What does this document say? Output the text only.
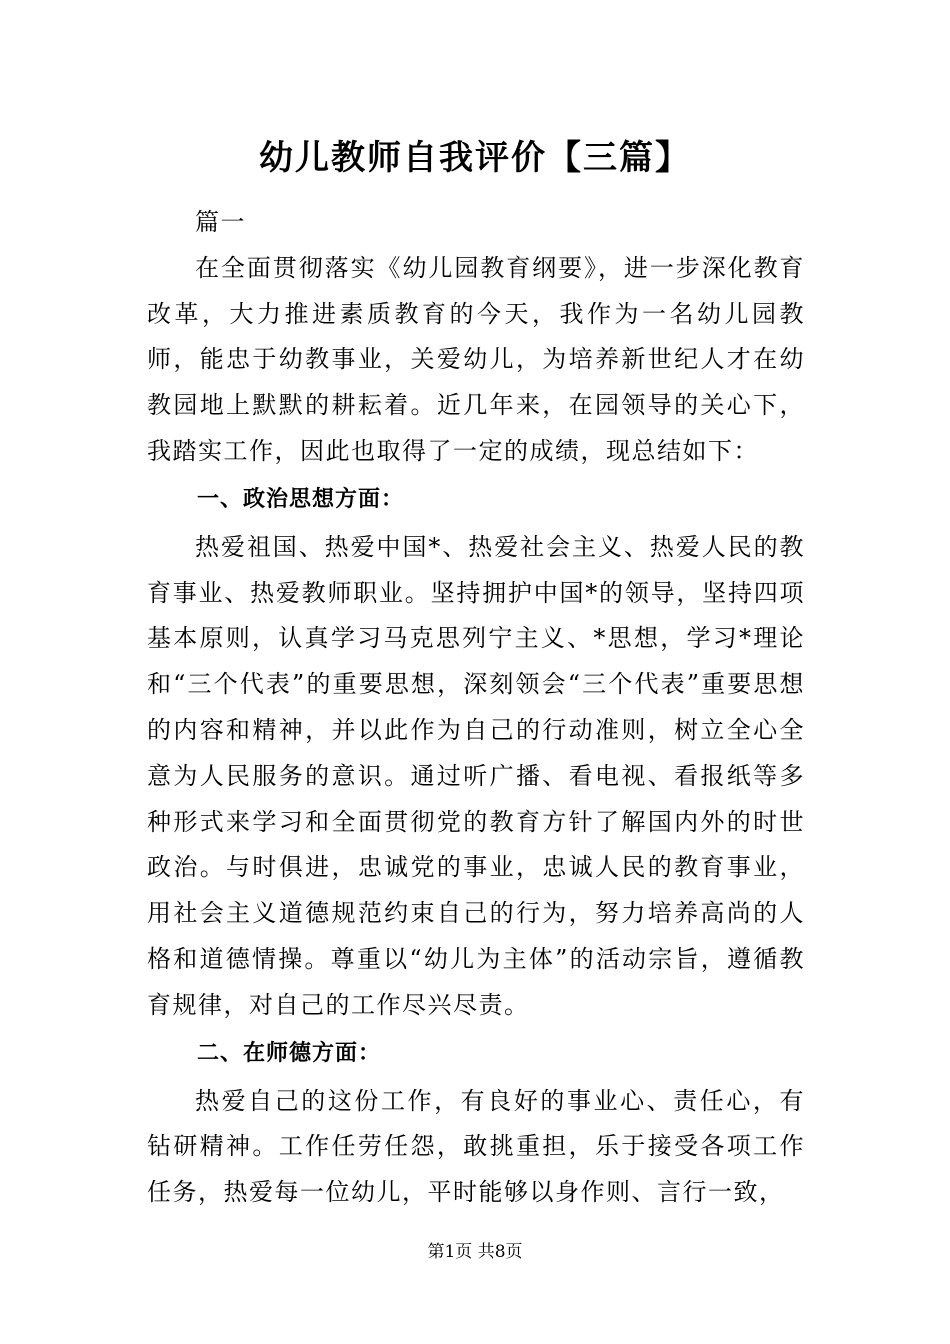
幼儿教师自我评价【三篇】

篇一

在全面贯彻落实《幼儿园教育纲要》，进一步深化教育改革，大力推进素质教育的今天，我作为一名幼儿园教师，能忠于幼教事业，关爱幼儿，为培养新世纪人才在幼教园地上默默的耕耘着。近几年来，在园领导的关心下，我踏实工作，因此也取得了一定的成绩，现总结如下：

一、政治思想方面：

热爱祖国、热爱中国*、热爱社会主义、热爱人民的教育事业、热爱教师职业。坚持拥护中国*的领导，坚持四项基本原则，认真学习马克思列宁主义、*思想，学习*理论和“三个代表”的重要思想，深刻领会“三个代表”重要思想的内容和精神，并以此作为自己的行动准则，树立全心全意为人民服务的意识。通过听广播、看电视、看报纸等多种形式来学习和全面贯彻党的教育方针了解国内外的时世政治。与时俱进，忠诚党的事业，忠诚人民的教育事业，用社会主义道德规范约束自己的行为，努力培养高尚的人格和道德情操。尊重以“幼儿为主体”的活动宗旨，遵循教育规律，对自己的工作尽兴尽责。

二、在师德方面：

热爱自己的这份工作，有良好的事业心、责任心，有钻研精神。工作任劳任怨，敢挑重担，乐于接受各项工作任务，热爱每一位幼儿，平时能够以身作则、言行一致，

第1页 共8页
